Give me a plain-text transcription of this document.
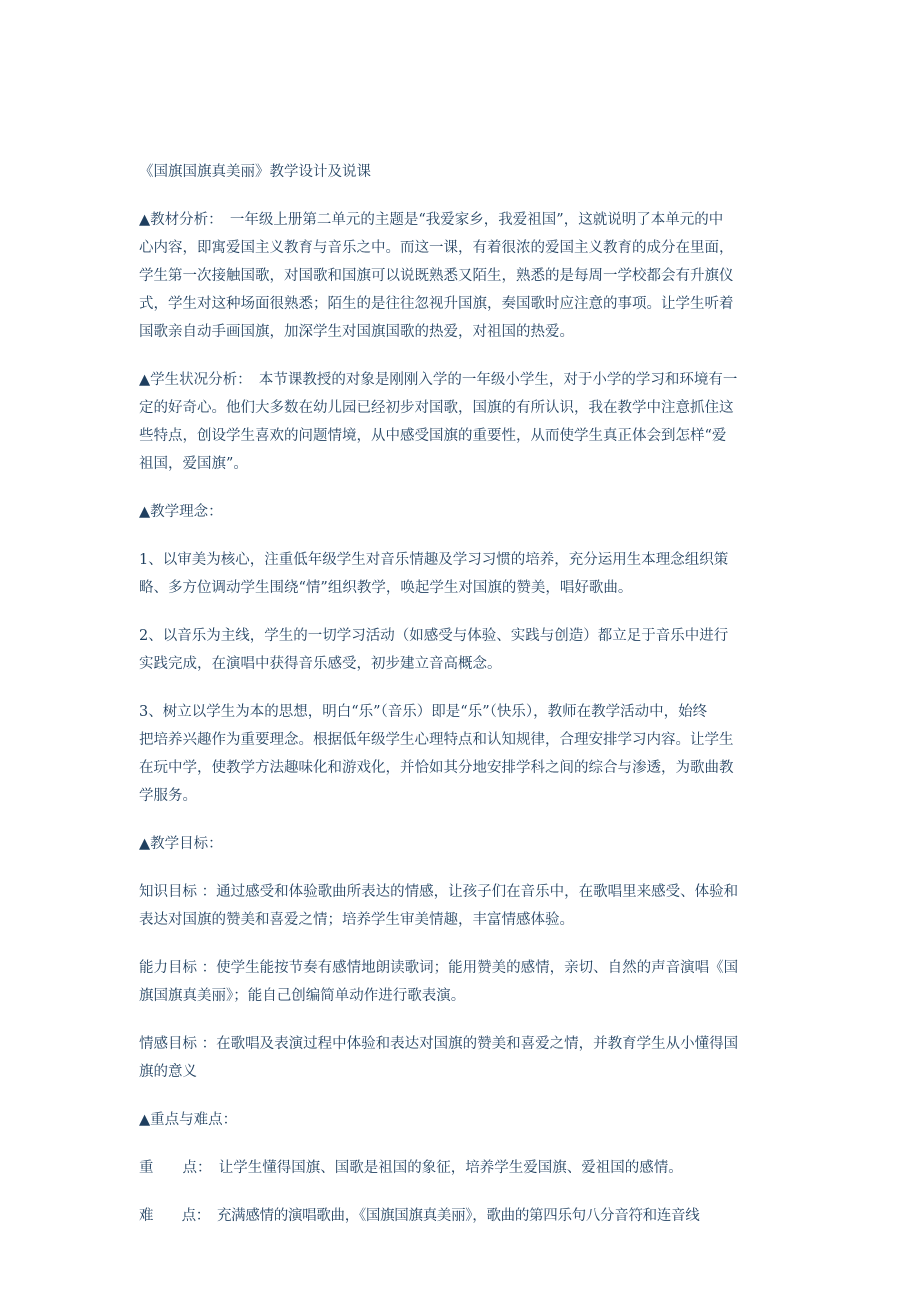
《国旗国旗真美丽》教学设计及说课
▲教材分析：　一年级上册第二单元的主题是“我爱家乡，我爱祖国”，这就说明了本单元的中
心内容，即寓爱国主义教育与音乐之中。而这一课，有着很浓的爱国主义教育的成分在里面，
学生第一次接触国歌，对国歌和国旗可以说既熟悉又陌生，熟悉的是每周一学校都会有升旗仪
式，学生对这种场面很熟悉；陌生的是往往忽视升国旗，奏国歌时应注意的事项。让学生听着
国歌亲自动手画国旗，加深学生对国旗国歌的热爱，对祖国的热爱。
▲学生状况分析：　本节课教授的对象是刚刚入学的一年级小学生，对于小学的学习和环境有一
定的好奇心。他们大多数在幼儿园已经初步对国歌，国旗的有所认识，我在教学中注意抓住这
些特点，创设学生喜欢的问题情境，从中感受国旗的重要性，从而使学生真正体会到怎样“爱
祖国，爱国旗”。
▲教学理念：
1、以审美为核心，注重低年级学生对音乐情趣及学习习惯的培养，充分运用生本理念组织策
略、多方位调动学生围绕“情”组织教学，唤起学生对国旗的赞美，唱好歌曲。
2、以音乐为主线，学生的一切学习活动（如感受与体验、实践与创造）都立足于音乐中进行
实践完成，在演唱中获得音乐感受，初步建立音高概念。
3、树立以学生为本的思想，明白“乐”（音乐）即是“乐”（快乐），教师在教学活动中，始终
把培养兴趣作为重要理念。根据低年级学生心理特点和认知规律，合理安排学习内容。让学生
在玩中学，使教学方法趣味化和游戏化，并恰如其分地安排学科之间的综合与渗透，为歌曲教
学服务。
▲教学目标：
知识目标 ：通过感受和体验歌曲所表达的情感，让孩子们在音乐中，在歌唱里来感受、体验和
表达对国旗的赞美和喜爱之情；培养学生审美情趣，丰富情感体验。
能力目标 ：使学生能按节奏有感情地朗读歌词；能用赞美的感情，亲切、自然的声音演唱《国
旗国旗真美丽》；能自己创编简单动作进行歌表演。
情感目标 ：在歌唱及表演过程中体验和表达对国旗的赞美和喜爱之情，并教育学生从小懂得国
旗的意义
▲重点与难点：
重　　点：　让学生懂得国旗、国歌是祖国的象征，培养学生爱国旗、爱祖国的感情。
难　　点：　充满感情的演唱歌曲，《国旗国旗真美丽》，歌曲的第四乐句八分音符和连音线
